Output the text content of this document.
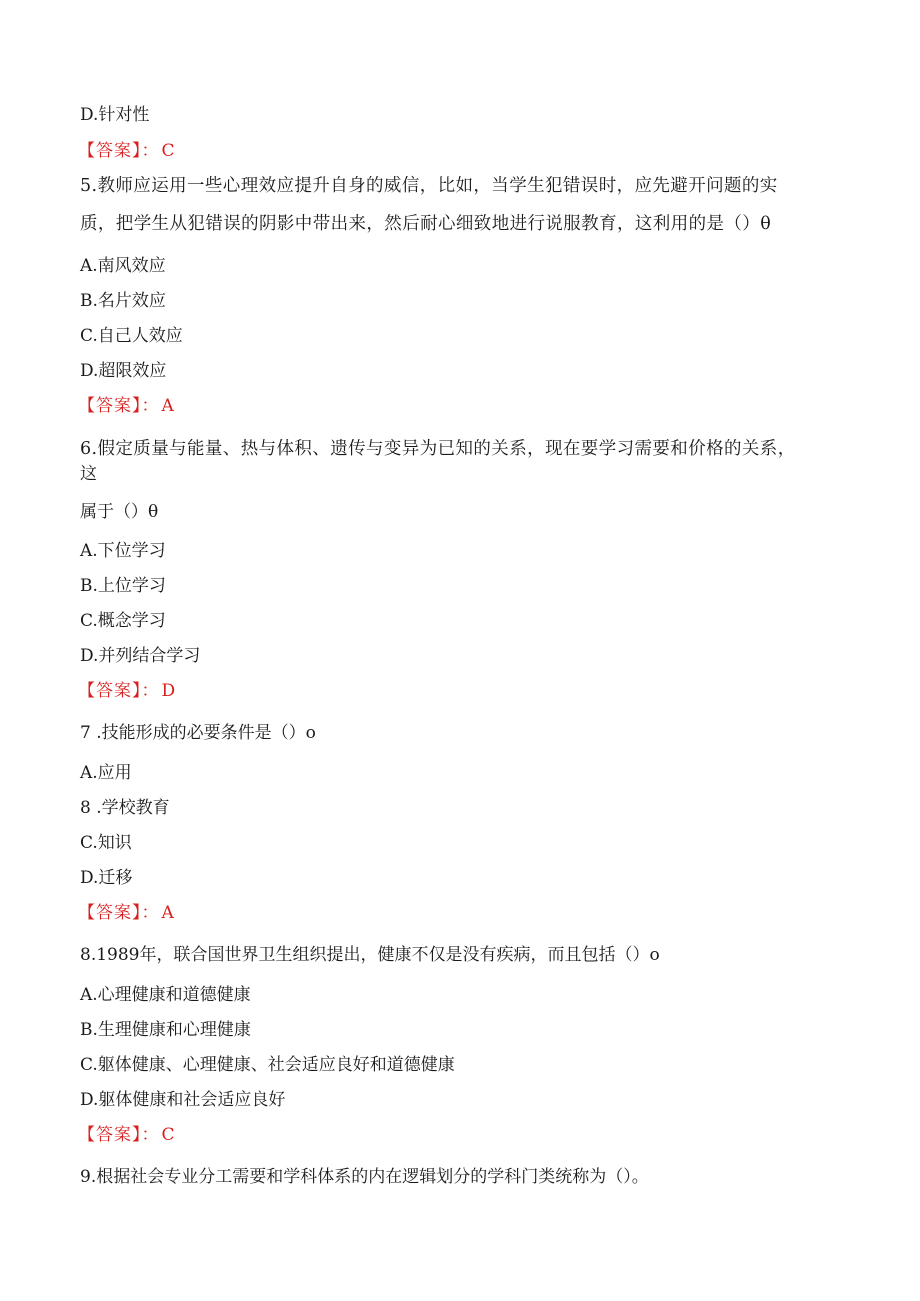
D.针对性
【答案】： C
5.教师应运用一些心理效应提升自身的威信，比如，当学生犯错误时，应先避开问题的实
质，把学生从犯错误的阴影中带出来，然后耐心细致地进行说服教育，这利用的是（）θ
A.南风效应
B.名片效应
C.自己人效应
D.超限效应
【答案】： A
6.假定质量与能量、热与体积、遗传与变异为已知的关系，现在要学习需要和价格的关系，
这
属于（）θ
A.下位学习
B.上位学习
C.概念学习
D.并列结合学习
【答案】： D
7 .技能形成的必要条件是（）o
A.应用
8 .学校教育
C.知识
D.迁移
【答案】： A
8.1989年，联合国世界卫生组织提出，健康不仅是没有疾病，而且包括（）o
A.心理健康和道德健康
B.生理健康和心理健康
C.躯体健康、心理健康、社会适应良好和道德健康
D.躯体健康和社会适应良好
【答案】： C
9.根据社会专业分工需要和学科体系的内在逻辑划分的学科门类统称为（）。
